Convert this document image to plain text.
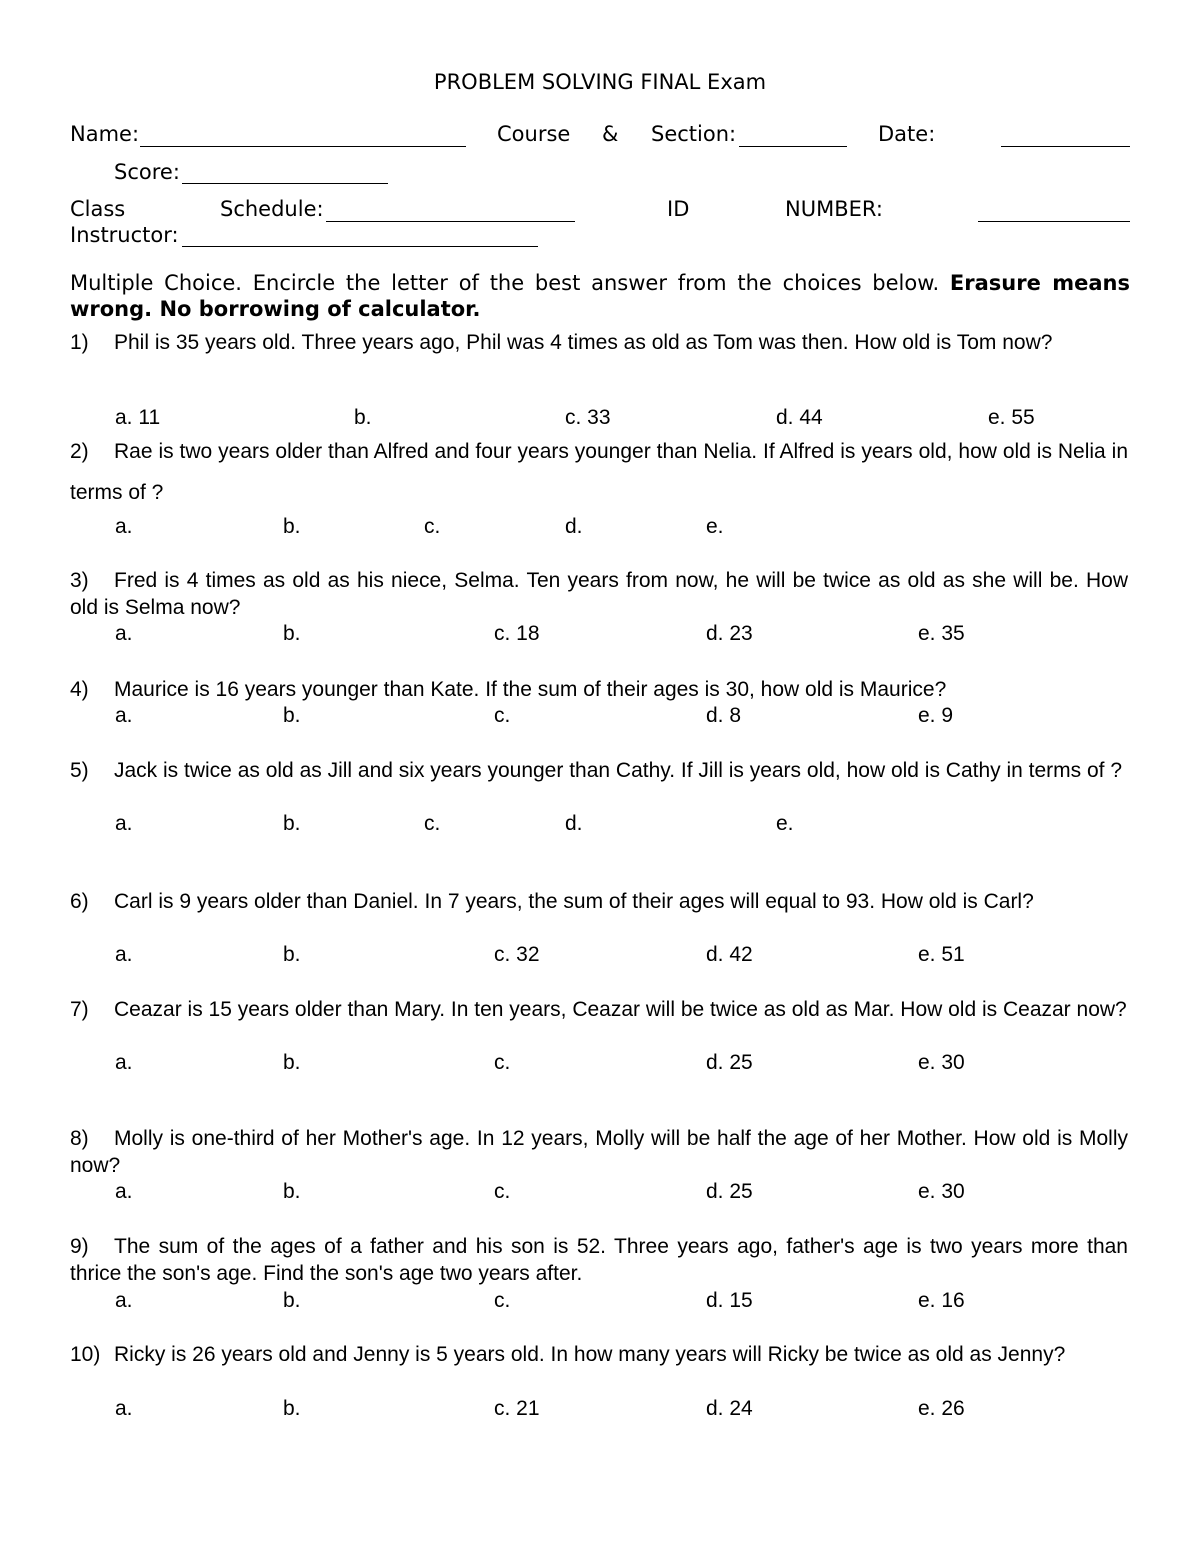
PROBLEM SOLVING FINAL Exam
Name:	Course & Section:	Date:
Score:
Class	Schedule:	ID	NUMBER:
Instructor:
Multiple Choice. Encircle the letter of the best answer from the choices below. Erasure means wrong. No borrowing of calculator.
1) Phil is 35 years old. Three years ago, Phil was 4 times as old as Tom was then. How old is Tom now?
a. 11	b.	c. 33	d. 44	e. 55
2) Rae is two years older than Alfred and four years younger than Nelia. If Alfred is years old, how old is Nelia in terms of ?
a.	b.	c.	d.	e.
3) Fred is 4 times as old as his niece, Selma. Ten years from now, he will be twice as old as she will be. How old is Selma now?
a.	b.	c. 18	d. 23	e. 35
4) Maurice is 16 years younger than Kate. If the sum of their ages is 30, how old is Maurice?
a.	b.	c.	d. 8	e. 9
5) Jack is twice as old as Jill and six years younger than Cathy. If Jill is years old, how old is Cathy in terms of ?
a.	b.	c.	d.	e.
6) Carl is 9 years older than Daniel. In 7 years, the sum of their ages will equal to 93. How old is Carl?
a.	b.	c. 32	d. 42	e. 51
7) Ceazar is 15 years older than Mary. In ten years, Ceazar will be twice as old as Mar. How old is Ceazar now?
a.	b.	c.	d. 25	e. 30
8) Molly is one-third of her Mother's age. In 12 years, Molly will be half the age of her Mother. How old is Molly now?
a.	b.	c.	d. 25	e. 30
9) The sum of the ages of a father and his son is 52. Three years ago, father's age is two years more than thrice the son's age. Find the son's age two years after.
a.	b.	c.	d. 15	e. 16
10) Ricky is 26 years old and Jenny is 5 years old. In how many years will Ricky be twice as old as Jenny?
a.	b.	c. 21	d. 24	e. 26
